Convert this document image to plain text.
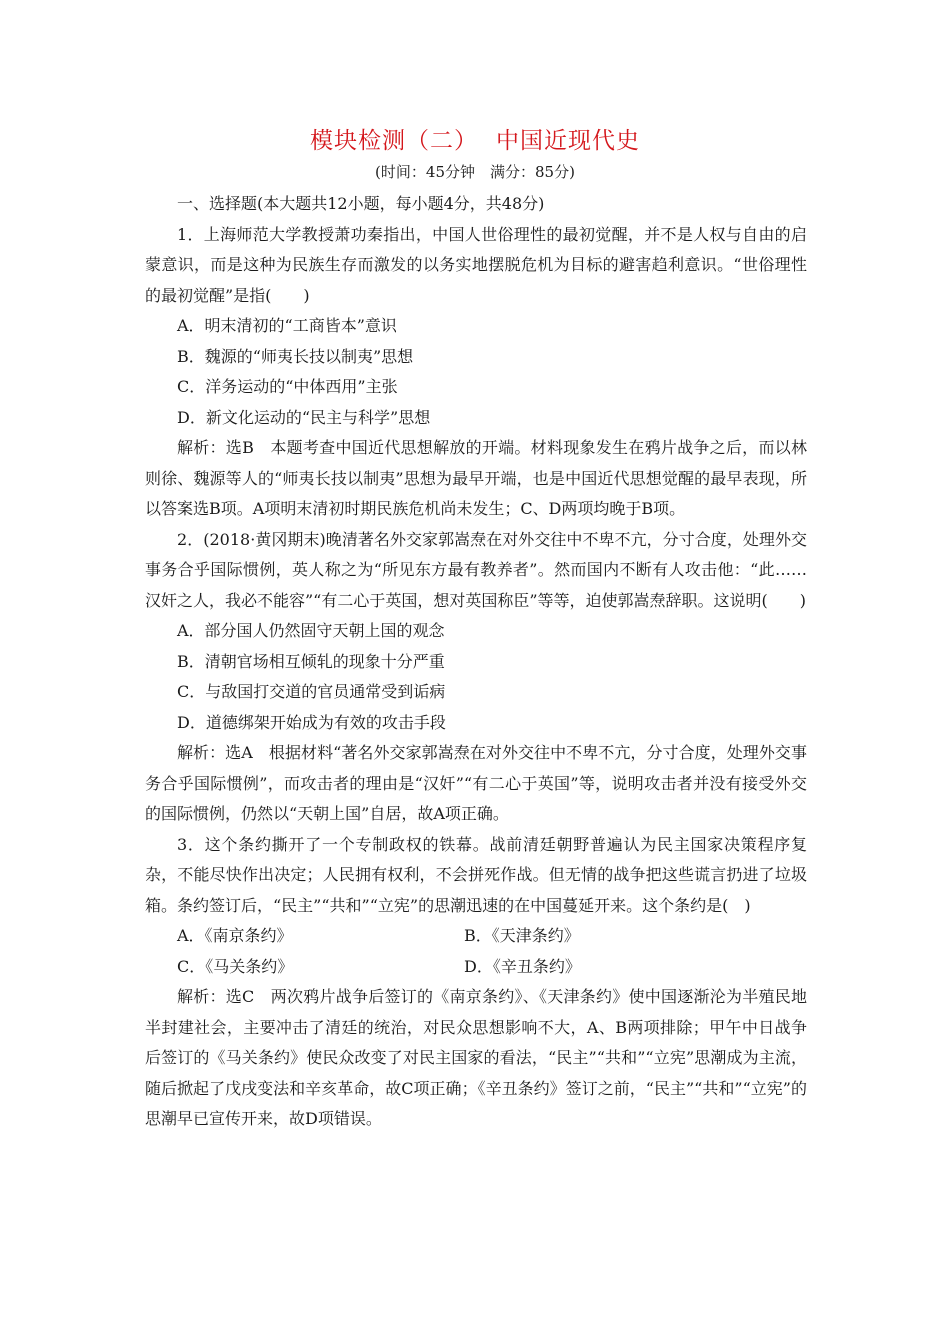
模块检测（二） 中国近现代史
(时间：45分钟　满分：85分)

一、选择题(本大题共12小题，每小题4分，共48分)

1．上海师范大学教授萧功秦指出，中国人世俗理性的最初觉醒，并不是人权与自由的启蒙意识，而是这种为民族生存而激发的以务实地摆脱危机为目标的避害趋利意识。“世俗理性的最初觉醒”是指(　　)

A．明末清初的“工商皆本”意识

B．魏源的“师夷长技以制夷”思想

C．洋务运动的“中体西用”主张

D．新文化运动的“民主与科学”思想

解析：选B　本题考查中国近代思想解放的开端。材料现象发生在鸦片战争之后，而以林则徐、魏源等人的“师夷长技以制夷”思想为最早开端，也是中国近代思想觉醒的最早表现，所以答案选B项。A项明末清初时期民族危机尚未发生；C、D两项均晚于B项。

2．(2018·黄冈期末)晚清著名外交家郭嵩焘在对外交往中不卑不亢，分寸合度，处理外交事务合乎国际惯例，英人称之为“所见东方最有教养者”。然而国内不断有人攻击他：“此……汉奸之人，我必不能容”“有二心于英国，想对英国称臣”等等，迫使郭嵩焘辞职。这说明(　　)

A．部分国人仍然固守天朝上国的观念

B．清朝官场相互倾轧的现象十分严重

C．与敌国打交道的官员通常受到诟病

D．道德绑架开始成为有效的攻击手段

解析：选A　根据材料“著名外交家郭嵩焘在对外交往中不卑不亢，分寸合度，处理外交事务合乎国际惯例”，而攻击者的理由是“汉奸”“有二心于英国”等，说明攻击者并没有接受外交的国际惯例，仍然以“天朝上国”自居，故A项正确。

3．这个条约撕开了一个专制政权的铁幕。战前清廷朝野普遍认为民主国家决策程序复杂，不能尽快作出决定；人民拥有权利，不会拼死作战。但无情的战争把这些谎言扔进了垃圾箱。条约签订后，“民主”“共和”“立宪”的思潮迅速的在中国蔓延开来。这个条约是(　)

A．《南京条约》	B．《天津条约》
C．《马关条约》	D．《辛丑条约》

解析：选C　两次鸦片战争后签订的《南京条约》、《天津条约》使中国逐渐沦为半殖民地半封建社会，主要冲击了清廷的统治，对民众思想影响不大，A、B两项排除；甲午中日战争后签订的《马关条约》使民众改变了对民主国家的看法，“民主”“共和”“立宪”思潮成为主流，随后掀起了戊戌变法和辛亥革命，故C项正确；《辛丑条约》签订之前，“民主”“共和”“立宪”的思潮早已宣传开来，故D项错误。
